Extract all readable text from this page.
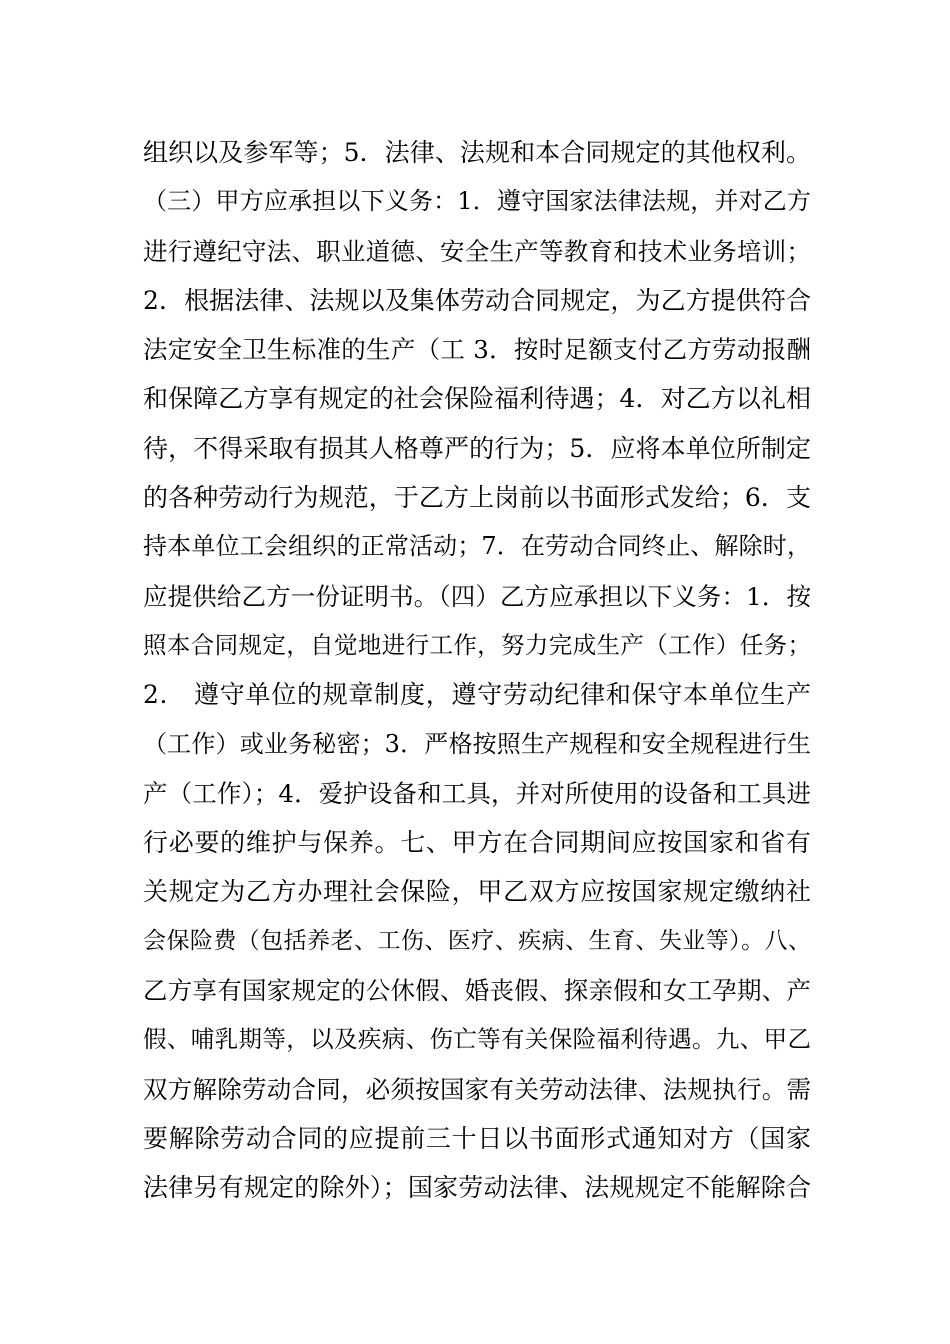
组织以及参军等；5．法律、法规和本合同规定的其他权利。
（三）甲方应承担以下义务：1．遵守国家法律法规，并对乙方
进行遵纪守法、职业道德、安全生产等教育和技术业务培训；
2．根据法律、法规以及集体劳动合同规定，为乙方提供符合
法定安全卫生标准的生产（工 3．按时足额支付乙方劳动报酬
和保障乙方享有规定的社会保险福利待遇；4．对乙方以礼相
待，不得采取有损其人格尊严的行为；5．应将本单位所制定
的各种劳动行为规范，于乙方上岗前以书面形式发给；6．支
持本单位工会组织的正常活动；7．在劳动合同终止、解除时，
应提供给乙方一份证明书。（四）乙方应承担以下义务：1．按
照本合同规定，自觉地进行工作，努力完成生产（工作）任务；
2． 遵守单位的规章制度，遵守劳动纪律和保守本单位生产
（工作）或业务秘密；3．严格按照生产规程和安全规程进行生
产（工作）；4．爱护设备和工具，并对所使用的设备和工具进
行必要的维护与保养。七、甲方在合同期间应按国家和省有
关规定为乙方办理社会保险，甲乙双方应按国家规定缴纳社
会保险费（包括养老、工伤、医疗、疾病、生育、失业等）。八、
乙方享有国家规定的公休假、婚丧假、探亲假和女工孕期、产
假、哺乳期等，以及疾病、伤亡等有关保险福利待遇。九、甲乙
双方解除劳动合同，必须按国家有关劳动法律、法规执行。需
要解除劳动合同的应提前三十日以书面形式通知对方（国家
法律另有规定的除外）；国家劳动法律、法规规定不能解除合
